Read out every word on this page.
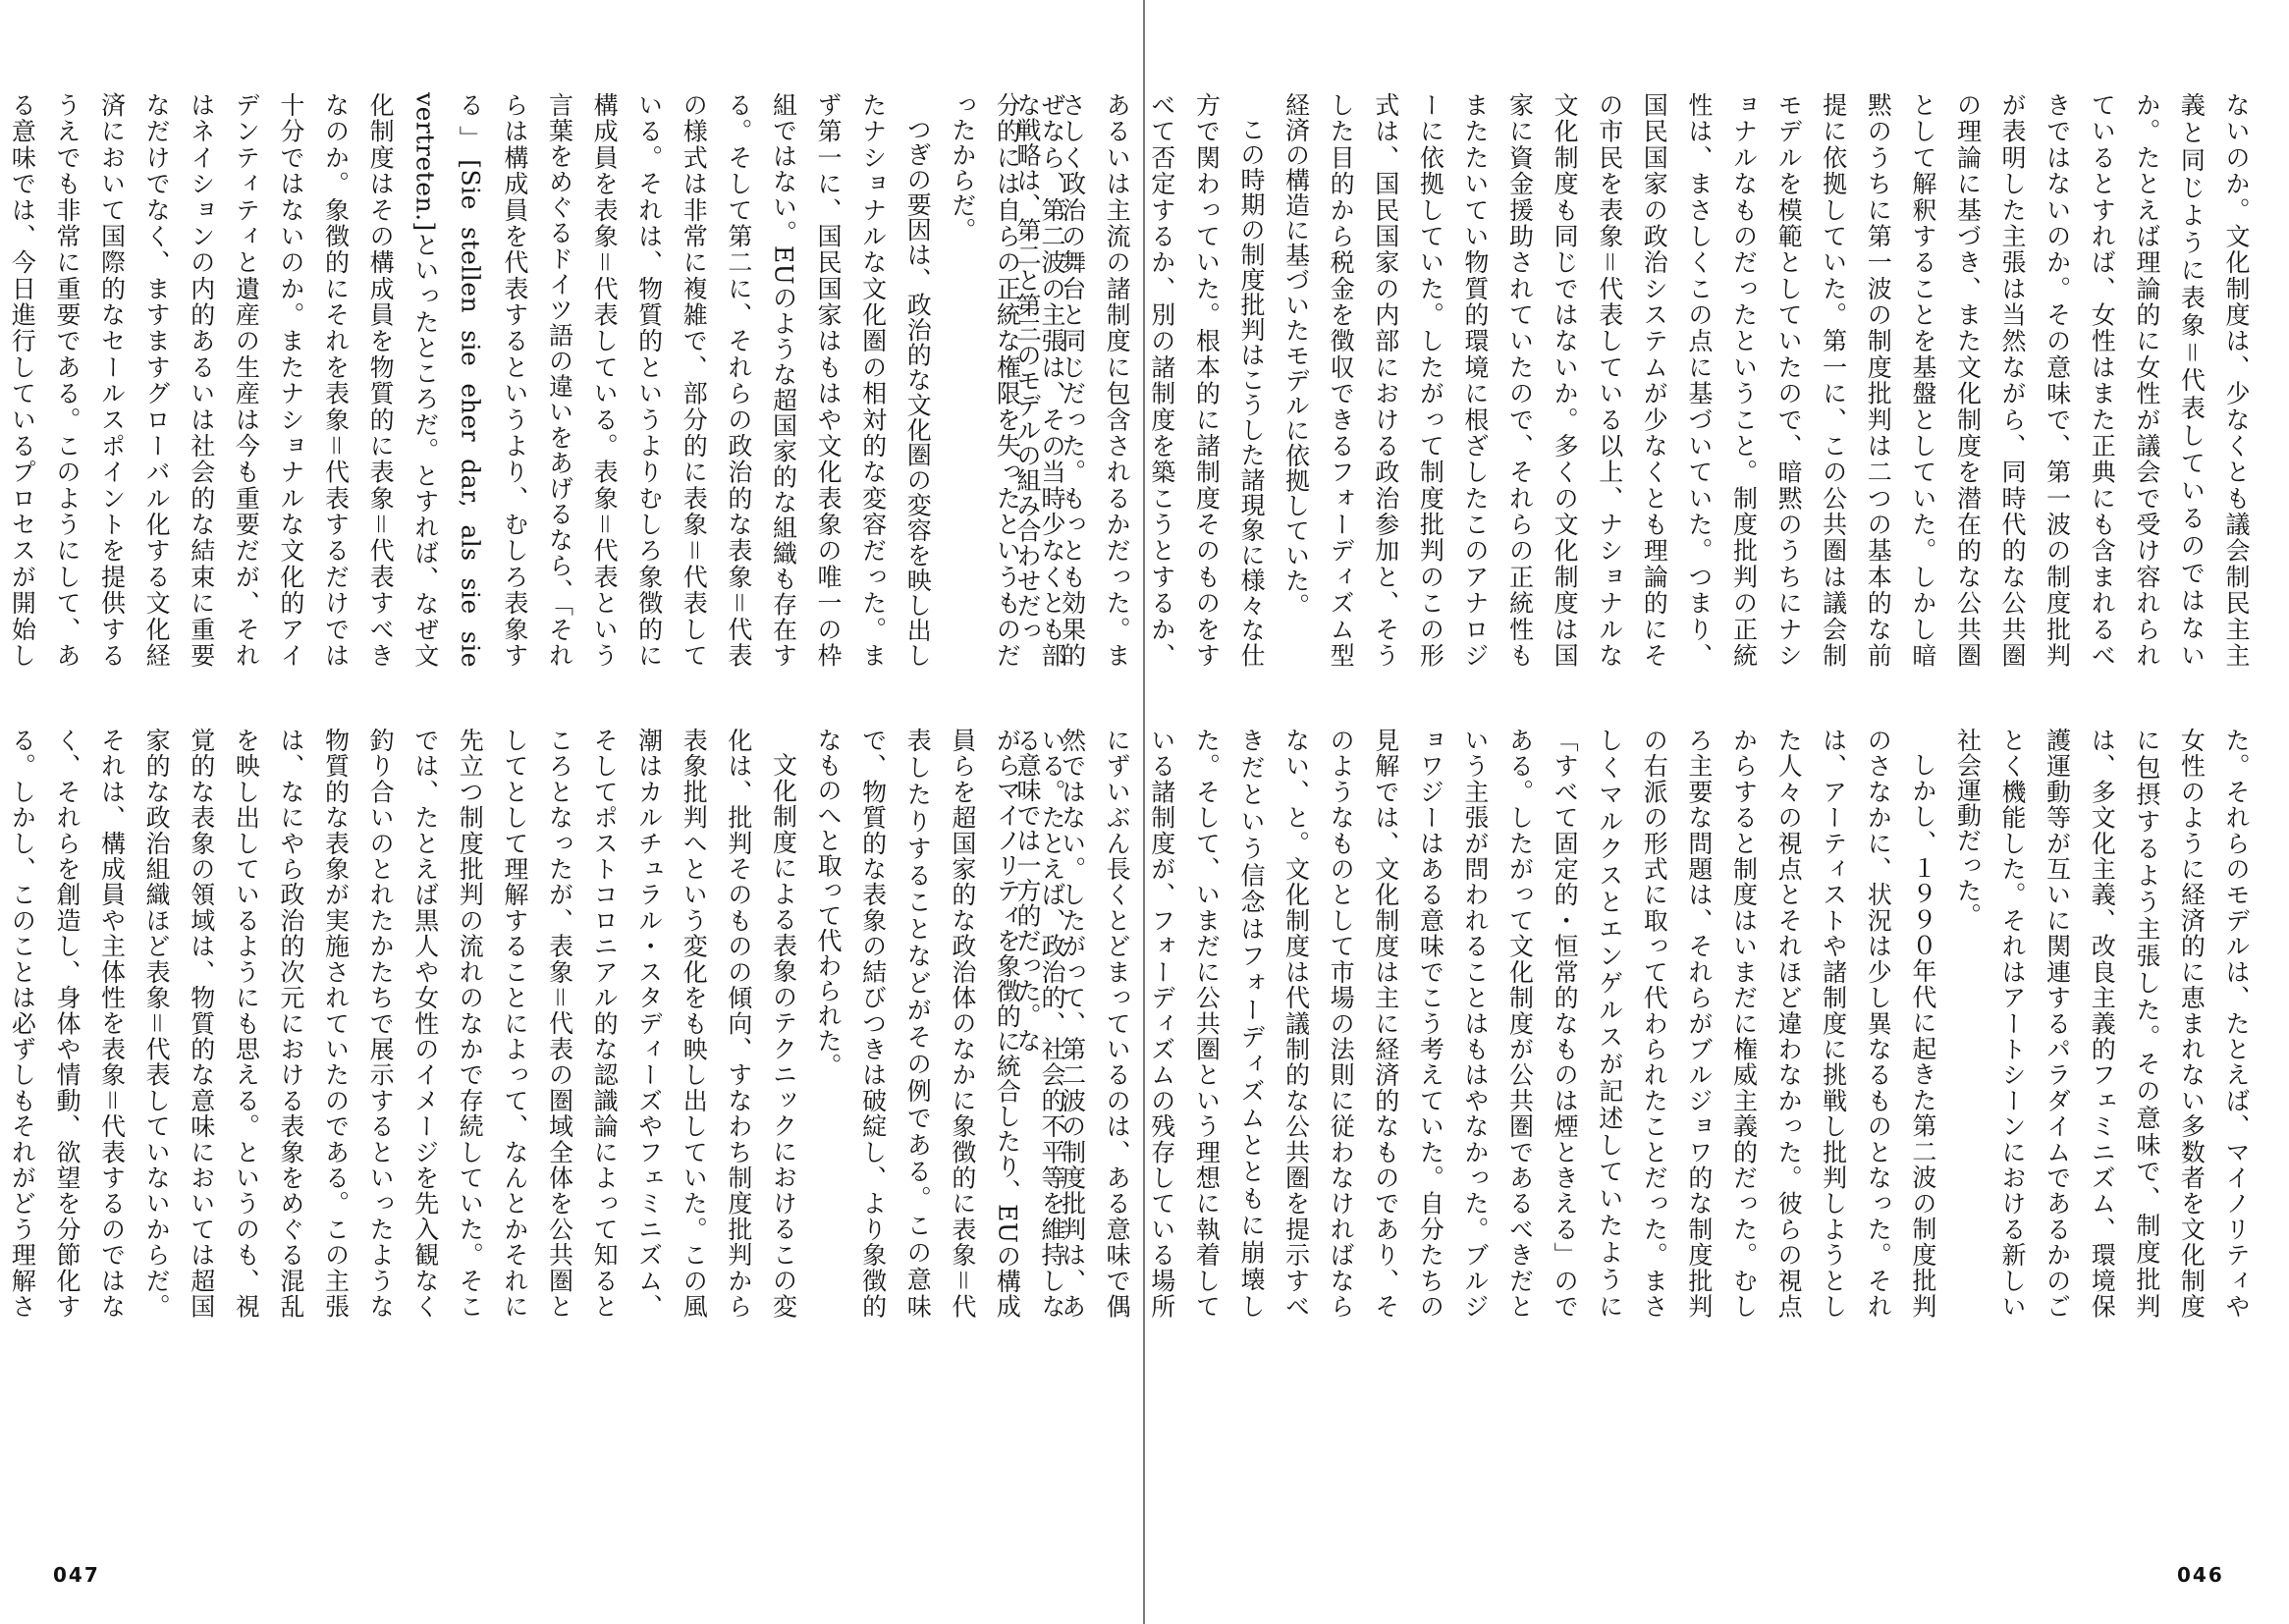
ぜなら、第二波の主張は、その当時少なくとも部分的には自らの正統な権限を失ったというものだったからだ。

つぎの要因は、政治的な文化圏の変容を映し出したナショナルな文化圏の相対的な変容だった。まず第一に、国民国家はもはや文化表象の唯一の枠組ではない。EUのような超国家的な組織も存在する。そして第二に、それらの政治的な表象＝代表の様式は非常に複雑で、部分的に表象＝代表している。それは、物質的というよりむしろ象徴的に構成員を表象＝代表している。表象＝代表という言葉をめぐるドイツ語の違いをあげるなら、「それらは構成員を代表するというより、むしろ表象する」[Sie stellen sie eher dar, als sie sie vertreten.]といったところだ。とすれば、なぜ文化制度はその構成員を物質的に表象＝代表すべきなのか。象徴的にそれを表象＝代表するだけでは十分ではないのか。またナショナルな文化的アイデンティティと遺産の生産は今も重要だが、それはネイションの内的あるいは社会的な結束に重要なだけでなく、ますますグローバル化する文化経済において国際的なセールスポイントを提供するうえでも非常に重要である。このようにして、ある意味では、今日進行しているプロセスが開始し

いる。たとえば、政治的、社会的不平等を維持しながらマイノリティを象徴的に統合したり、EUの構成員らを超国家的な政治体のなかに象徴的に表象＝代表したりすることなどがその例である。この意味で、物質的な表象の結びつきは破綻し、より象徴的なものへと取って代わられた。

文化制度による表象のテクニックにおけるこの変化は、批判そのものの傾向、すなわち制度批判から表象批判へという変化をも映し出していた。この風潮はカルチュラル・スタディーズやフェミニズム、そしてポストコロニアル的な認識論によって知るところとなったが、表象＝代表の圏域全体を公共圏としてとして理解することによって、なんとかそれに先立つ制度批判の流れのなかで存続していた。そこでは、たとえば黒人や女性のイメージを先入観なく釣り合いのとれたかたちで展示するといったような物質的な表象が実施されていたのである。この主張は、なにやら政治的次元における表象をめぐる混乱を映し出しているようにも思える。というのも、視覚的な表象の領域は、物質的な意味においては超国家的な政治組織ほど表象＝代表していないからだ。それは、構成員や主体性を表象＝代表するのではなく、それらを創造し、身体や情動、欲望を分節化する。しかし、このことは必ずしもそれがどう理解さ

047

ないのか。文化制度は、少なくとも議会制民主主義と同じように表象＝代表しているのではないか。たとえば理論的に女性が議会で受け容れられているとすれば、女性はまた正典にも含まれるべきではないのか。その意味で、第一波の制度批判が表明した主張は当然ながら、同時代的な公共圏の理論に基づき、また文化制度を潜在的な公共圏として解釈することを基盤としていた。しかし暗黙のうちに第一波の制度批判は二つの基本的な前提に依拠していた。第一に、この公共圏は議会制モデルを模範としていたので、暗黙のうちにナショナルなものだったということ。制度批判の正統性は、まさしくこの点に基づいていた。つまり、国民国家の政治システムが少なくとも理論的にその市民を表象＝代表している以上、ナショナルな文化制度も同じではないか。多くの文化制度は国家に資金援助されていたので、それらの正統性もまたたいてい物質的環境に根ざしたこのアナロジーに依拠していた。したがって制度批判のこの形式は、国民国家の内部における政治参加と、そうした目的から税金を徴収できるフォーディズム型経済の構造に基づいたモデルに依拠していた。

この時期の制度批判はこうした諸現象に様々な仕方で関わっていた。根本的に諸制度そのものをすべて否定するか、別の諸制度を築こうとするか、あるいは主流の諸制度に包含されるかだった。まさしく政治の舞台と同じだった。もっとも効果的な戦略は、第二と第三のモデルの組み合わせだっ

た。それらのモデルは、たとえば、マイノリティや女性のように経済的に恵まれない多数者を文化制度に包摂するよう主張した。その意味で、制度批判は、多文化主義、改良主義的フェミニズム、環境保護運動等が互いに関連するパラダイムであるかのごとく機能した。それはアートシーンにおける新しい社会運動だった。

しかし、１９９０年代に起きた第二波の制度批判のさなかに、状況は少し異なるものとなった。それは、アーティストや諸制度に挑戦し批判しようとした人々の視点とそれほど違わなかった。彼らの視点からすると制度はいまだに権威主義的だった。むしろ主要な問題は、それらがブルジョワ的な制度批判の右派の形式に取って代わられたことだった。まさしくマルクスとエンゲルスが記述していたように「すべて固定的・恒常的なものは煙ときえる」のである。したがって文化制度が公共圏であるべきだという主張が問われることはもはやなかった。ブルジョワジーはある意味でこう考えていた。自分たちの見解では、文化制度は主に経済的なものであり、そのようなものとして市場の法則に従わなければならない、と。文化制度は代議制的な公共圏を提示すべきだという信念はフォーディズムとともに崩壊した。そして、いまだに公共圏という理想に執着している諸制度が、フォーディズムの残存している場所にずいぶん長くとどまっているのは、ある意味で偶然ではない。したがって、第二波の制度批判は、ある意味では一方的だった。な

046
